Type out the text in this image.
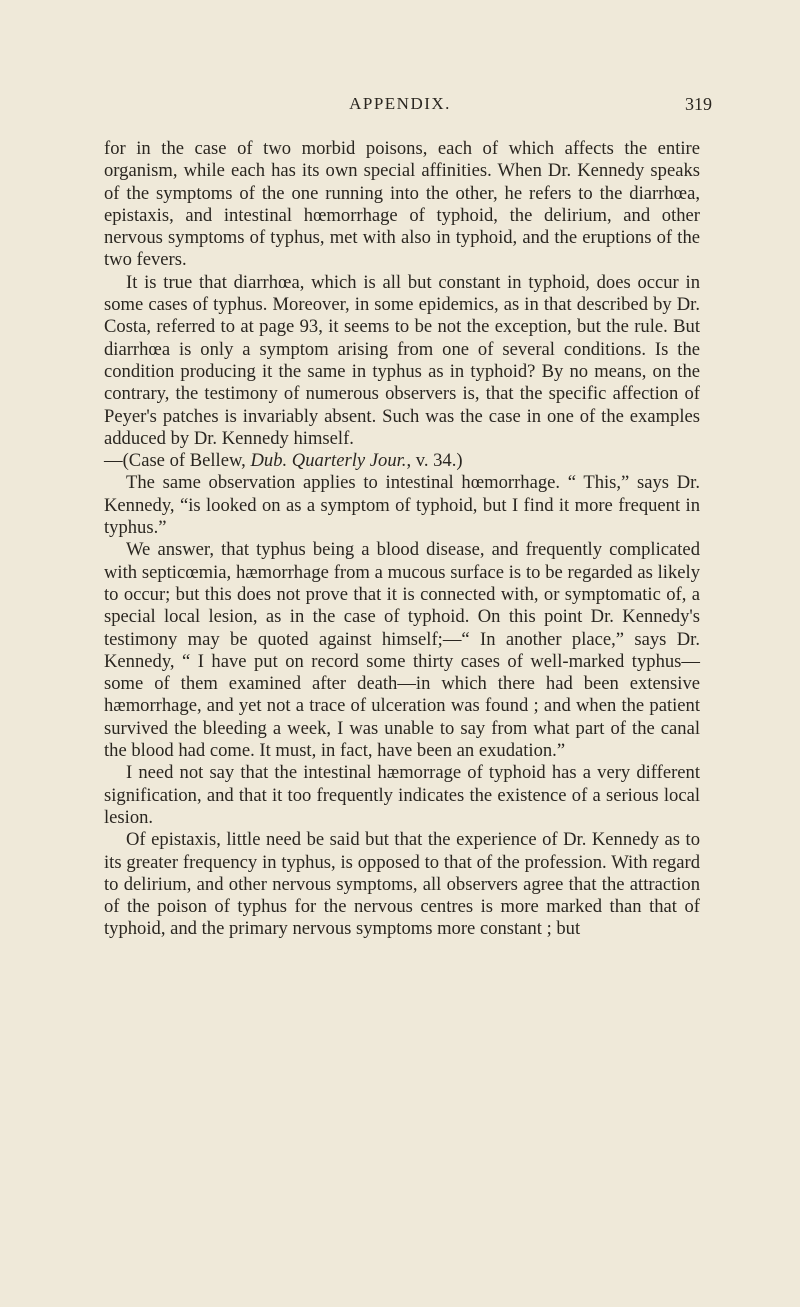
APPENDIX.	319

for in the case of two morbid poisons, each of which affects the entire organism, while each has its own special affinities. When Dr. Kennedy speaks of the symptoms of the one running into the other, he refers to the diarrhœa, epistaxis, and intestinal hœmorrhage of typhoid, the delirium, and other nervous symptoms of typhus, met with also in typhoid, and the eruptions of the two fevers.

It is true that diarrhœa, which is all but constant in typhoid, does occur in some cases of typhus. Moreover, in some epidemics, as in that described by Dr. Costa, referred to at page 93, it seems to be not the exception, but the rule. But diarrhœa is only a symptom arising from one of several conditions. Is the condition producing it the same in typhus as in typhoid? By no means, on the contrary, the testimony of numerous observers is, that the specific affection of Peyer's patches is invariably absent. Such was the case in one of the examples adduced by Dr. Kennedy himself.

—(Case of Bellew, Dub. Quarterly Jour., v. 34.)

The same observation applies to intestinal hœmorrhage. “ This,” says Dr. Kennedy, “is looked on as a symptom of typhoid, but I find it more frequent in typhus.”

We answer, that typhus being a blood disease, and frequently complicated with septicœmia, hæmorrhage from a mucous surface is to be regarded as likely to occur; but this does not prove that it is connected with, or symptomatic of, a special local lesion, as in the case of typhoid. On this point Dr. Kennedy's testimony may be quoted against himself;—“ In another place,” says Dr. Kennedy, “ I have put on record some thirty cases of well-marked typhus— some of them examined after death—in which there had been extensive hæmorrhage, and yet not a trace of ulceration was found ; and when the patient survived the bleeding a week, I was unable to say from what part of the canal the blood had come. It must, in fact, have been an exudation.”

I need not say that the intestinal hæmorrage of typhoid has a very different signification, and that it too frequently indicates the existence of a serious local lesion.

Of epistaxis, little need be said but that the experience of Dr. Kennedy as to its greater frequency in typhus, is opposed to that of the profession. With regard to delirium, and other nervous symptoms, all observers agree that the attraction of the poison of typhus for the nervous centres is more marked than that of typhoid, and the primary nervous symptoms more constant ; but
